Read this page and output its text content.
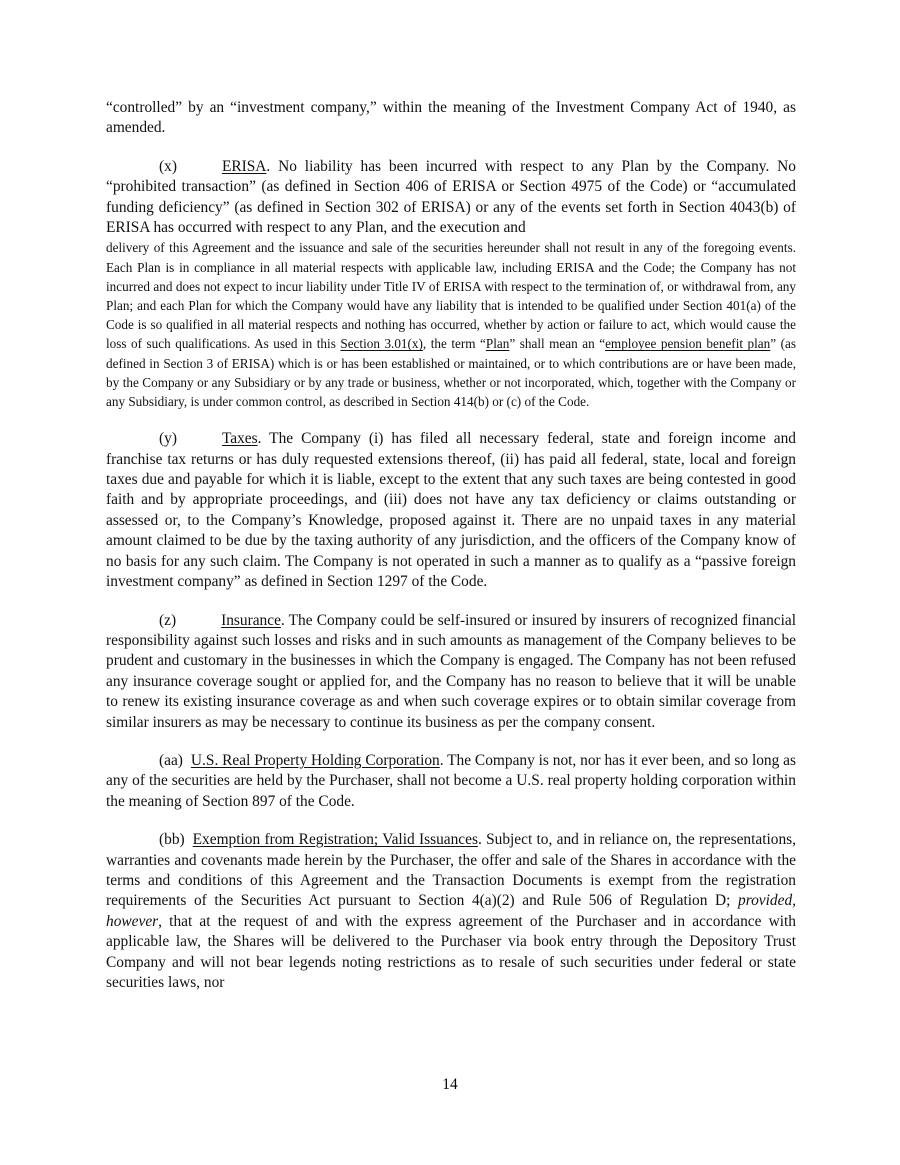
“controlled” by an “investment company,” within the meaning of the Investment Company Act of 1940, as amended.

(x)	ERISA. No liability has been incurred with respect to any Plan by the Company. No “prohibited transaction” (as defined in Section 406 of ERISA or Section 4975 of the Code) or “accumulated funding deficiency” (as defined in Section 302 of ERISA) or any of the events set forth in Section 4043(b) of ERISA has occurred with respect to any Plan, and the execution and

delivery of this Agreement and the issuance and sale of the securities hereunder shall not result in any of the foregoing events. Each Plan is in compliance in all material respects with applicable law, including ERISA and the Code; the Company has not incurred and does not expect to incur liability under Title IV of ERISA with respect to the termination of, or withdrawal from, any Plan; and each Plan for which the Company would have any liability that is intended to be qualified under Section 401(a) of the Code is so qualified in all material respects and nothing has occurred, whether by action or failure to act, which would cause the loss of such qualifications. As used in this Section 3.01(x), the term “Plan” shall mean an “employee pension benefit plan” (as defined in Section 3 of ERISA) which is or has been established or maintained, or to which contributions are or have been made, by the Company or any Subsidiary or by any trade or business, whether or not incorporated, which, together with the Company or any Subsidiary, is under common control, as described in Section 414(b) or (c) of the Code.

(y)	Taxes. The Company (i) has filed all necessary federal, state and foreign income and franchise tax returns or has duly requested extensions thereof, (ii) has paid all federal, state, local and foreign taxes due and payable for which it is liable, except to the extent that any such taxes are being contested in good faith and by appropriate proceedings, and (iii) does not have any tax deficiency or claims outstanding or assessed or, to the Company’s Knowledge, proposed against it. There are no unpaid taxes in any material amount claimed to be due by the taxing authority of any jurisdiction, and the officers of the Company know of no basis for any such claim. The Company is not operated in such a manner as to qualify as a “passive foreign investment company” as defined in Section 1297 of the Code.

(z)	Insurance. The Company could be self-insured or insured by insurers of recognized financial responsibility against such losses and risks and in such amounts as management of the Company believes to be prudent and customary in the businesses in which the Company is engaged. The Company has not been refused any insurance coverage sought or applied for, and the Company has no reason to believe that it will be unable to renew its existing insurance coverage as and when such coverage expires or to obtain similar coverage from similar insurers as may be necessary to continue its business as per the company consent.

(aa) U.S. Real Property Holding Corporation. The Company is not, nor has it ever been, and so long as any of the securities are held by the Purchaser, shall not become a U.S. real property holding corporation within the meaning of Section 897 of the Code.

(bb) Exemption from Registration; Valid Issuances. Subject to, and in reliance on, the representations, warranties and covenants made herein by the Purchaser, the offer and sale of the Shares in accordance with the terms and conditions of this Agreement and the Transaction Documents is exempt from the registration requirements of the Securities Act pursuant to Section 4(a)(2) and Rule 506 of Regulation D; provided, however, that at the request of and with the express agreement of the Purchaser and in accordance with applicable law, the Shares will be delivered to the Purchaser via book entry through the Depository Trust Company and will not bear legends noting restrictions as to resale of such securities under federal or state securities laws, nor

14
